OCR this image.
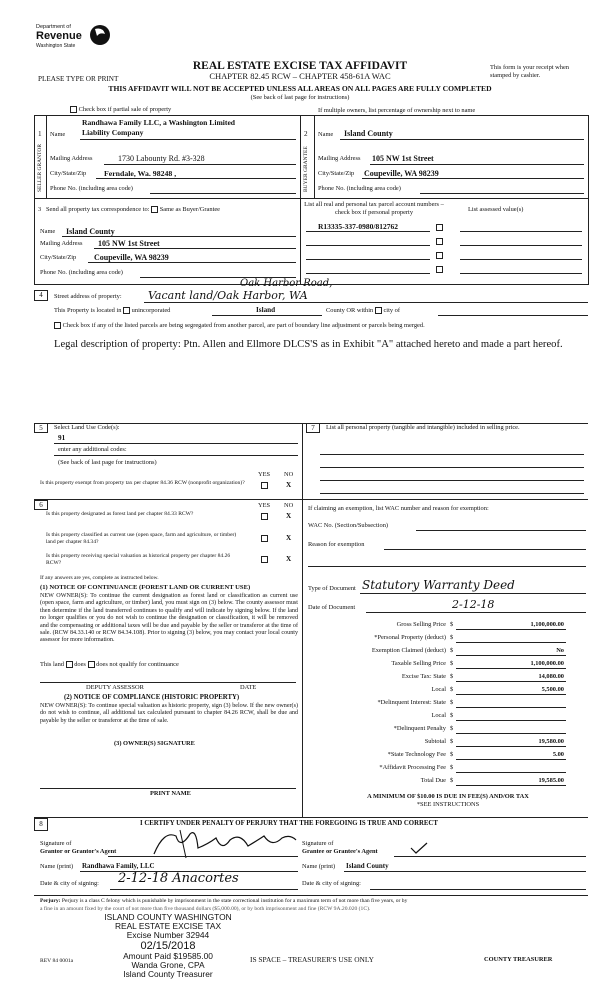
Department of
Revenue
Washington State
REAL ESTATE EXCISE TAX AFFIDAVIT
CHAPTER 82.45 RCW – CHAPTER 458-61A WAC
PLEASE TYPE OR PRINT
This form is your receipt when stamped by cashier.
THIS AFFIDAVIT WILL NOT BE ACCEPTED UNLESS ALL AREAS ON ALL PAGES ARE FULLY COMPLETED
(See back of last page for instructions)
Check box if partial sale of property	If multiple owners, list percentage of ownership next to name
1
SELLER GRANTOR
Name
Randhawa Family LLC, a Washington Limited
Liability Company
Mailing Address	1730 Labounty Rd. #3-328
City/State/Zip Ferndale, Wa. 98248 ,
Phone No. (including area code)
2
BUYER GRANTEE
Name Island County
Mailing Address 105 NW 1st Street
City/State/Zip Coupeville, WA 98239
Phone No. (including area code)
3 Send all property tax correspondence to: Same as Buyer/Grantee
Name Island County
Mailing Address 105 NW 1st Street
City/State/Zip Coupeville, WA 98239
Phone No. (including area code)
List all real and personal tax parcel account numbers – check box if personal property	List assessed value(s)
R13335-337-0980/812762
4	Street address of property:
Oak Harbor Road,
Vacant land/Oak Harbor, WA
This Property is located in unincorporated	Island	County OR within city of
Check box if any of the listed parcels are being segregated from another parcel, are part of boundary line adjustment or parcels being merged.
Legal description of property: Ptn. Allen and Ellmore DLCS'S as in Exhibit "A" attached hereto and made a part hereof.
5	Select Land Use Code(s):
91
enter any additional codes:
(See back of last page for instructions)
YES NO
Is this property exempt from property tax per chapter 84.36 RCW (nonprofit organization)?	X
6	YES NO
Is this property designated as forest land per chapter 84.33 RCW?	X
Is this property classified as current use (open space, farm and agriculture, or timber) land per chapter 84.34?	X
Is this property receiving special valuation as historical property per chapter 84.26 RCW?	X
If any answers are yes, complete as instructed below.
(1) NOTICE OF CONTINUANCE (FOREST LAND OR CURRENT USE)
NEW OWNER(S): To continue the current designation as forest land or classification as current use (open space, farm and agriculture, or timber) land, you must sign on (3) below. The county assessor must then determine if the land transferred continues to qualify and will indicate by signing below. If the land no longer qualifies or you do not wish to continue the designation or classification, it will be removed and the compensating or additional taxes will be due and payable by the seller or transferor at the time of sale. (RCW 84.33.140 or RCW 84.34.108). Prior to signing (3) below, you may contact your local county assessor for more information.
This land does does not qualify for continuance
DEPUTY ASSESSOR	DATE
(2) NOTICE OF COMPLIANCE (HISTORIC PROPERTY)
NEW OWNER(S): To continue special valuation as historic property, sign (3) below. If the new owner(s) do not wish to continue, all additional tax calculated pursuant to chapter 84.26 RCW, shall be due and payable by the seller or transferor at the time of sale.
(3) OWNER(S) SIGNATURE
PRINT NAME
7	List all personal property (tangible and intangible) included in selling price.
If claiming an exemption, list WAC number and reason for exemption:
WAC No. (Section/Subsection)
Reason for exemption
Type of Document Statutory Warranty Deed
Date of Document	2-12-18
Gross Selling Price $	1,100,000.00
*Personal Property (deduct) $
Exemption Claimed (deduct) $	No
Taxable Selling Price $	1,100,000.00
Excise Tax: State $	14,080.00
Local $	5,500.00
*Delinquent Interest: State $
Local $
*Delinquent Penalty $
Subtotal $	19,580.00
*State Technology Fee $	5.00
*Affidavit Processing Fee $
Total Due $	19,585.00
A MINIMUM OF $10.00 IS DUE IN FEE(S) AND/OR TAX
*SEE INSTRUCTIONS
8	I CERTIFY UNDER PENALTY OF PERJURY THAT THE FOREGOING IS TRUE AND CORRECT
Signature of
Grantor or Grantor's Agent
Signature of
Grantee or Grantee's Agent
Name (print) Randhawa Family, LLC	Name (print) Island County
Date & city of signing: 2-12-18 Anacortes	Date & city of signing:
Perjury: Perjury is a class C felony which is punishable by imprisonment in the state correctional institution for a maximum term of not more than five years, or by
a fine in an amount fixed by the court of not more than five thousand dollars ($5,000.00), or by both imprisonment and fine (RCW 9A.20.020 (1C).
ISLAND COUNTY WASHINGTON
REAL ESTATE EXCISE TAX
Excise Number 32944
02/15/2018
Amount Paid $19585.00
Wanda Grone, CPA
Island County Treasurer
REV 84 0001a	IS SPACE – TREASURER'S USE ONLY	COUNTY TREASURER
